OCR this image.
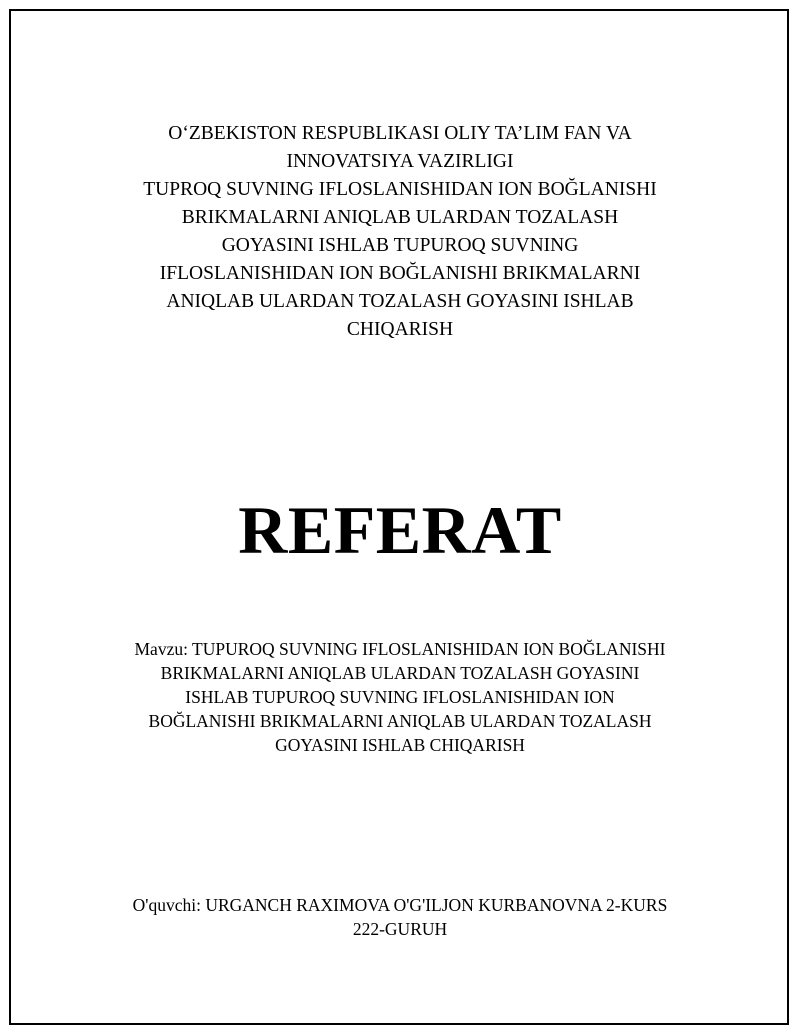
O‘ZBEKISTON RESPUBLIKASI OLIY TA’LIM FAN VA
INNOVATSIYA VAZIRLIGI
TUPROQ SUVNING IFLOSLANISHIDAN ION BOĞLANISHI
BRIKMALARNI ANIQLAB ULARDAN TOZALASH
GOYASINI ISHLAB TUPUROQ SUVNING
IFLOSLANISHIDAN ION BOĞLANISHI BRIKMALARNI
ANIQLAB ULARDAN TOZALASH GOYASINI ISHLAB
CHIQARISH
REFERAT
Mavzu: TUPUROQ SUVNING IFLOSLANISHIDAN ION BOĞLANISHI
BRIKMALARNI ANIQLAB ULARDAN TOZALASH GOYASINI
ISHLAB TUPUROQ SUVNING IFLOSLANISHIDAN ION
BOĞLANISHI BRIKMALARNI ANIQLAB ULARDAN TOZALASH
GOYASINI ISHLAB CHIQARISH
O'quvchi: URGANCH RAXIMOVA O'G'ILJON KURBANOVNA 2-KURS
222-GURUH
